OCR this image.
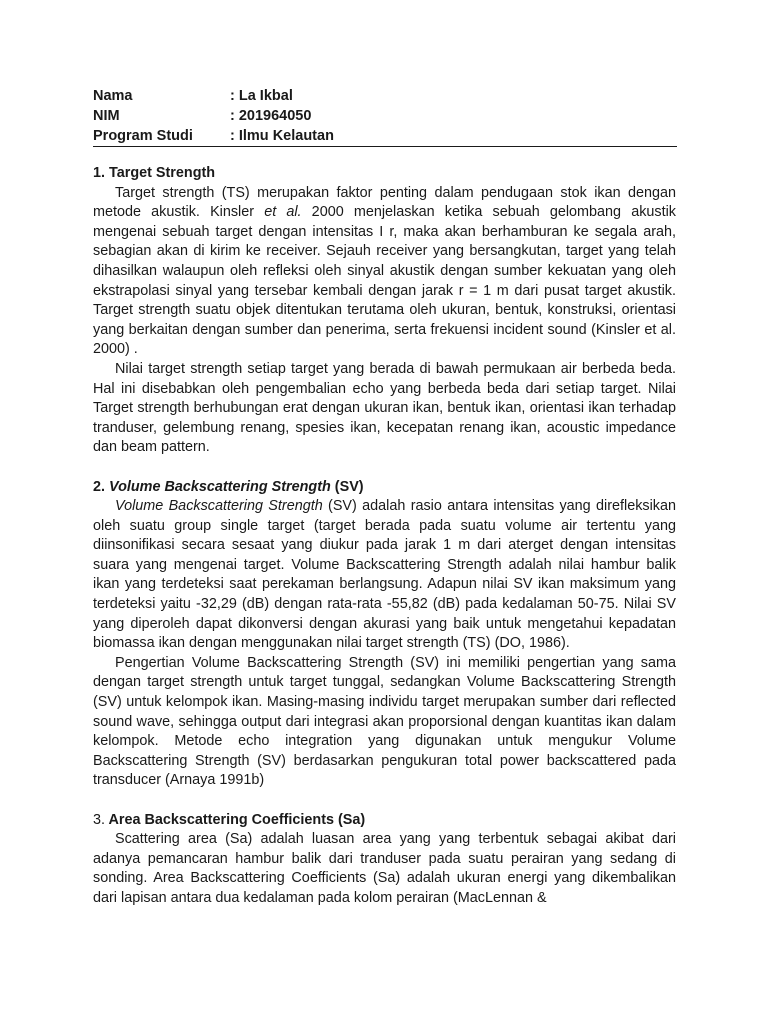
Nama	: La Ikbal
NIM	: 201964050
Program Studi	: Ilmu Kelautan
1. Target Strength

Target strength (TS) merupakan faktor penting dalam pendugaan stok ikan dengan metode akustik. Kinsler et al. 2000 menjelaskan ketika sebuah gelombang akustik mengenai sebuah target dengan intensitas I r, maka akan berhamburan ke segala arah, sebagian akan di kirim ke receiver. Sejauh receiver yang bersangkutan, target yang telah dihasilkan walaupun oleh refleksi oleh sinyal akustik dengan sumber kekuatan yang oleh ekstrapolasi sinyal yang tersebar kembali dengan jarak r = 1 m dari pusat target akustik. Target strength suatu objek ditentukan terutama oleh ukuran, bentuk, konstruksi, orientasi yang berkaitan dengan sumber dan penerima, serta frekuensi incident sound (Kinsler et al. 2000) .

Nilai target strength setiap target yang berada di bawah permukaan air berbeda beda. Hal ini disebabkan oleh pengembalian echo yang berbeda beda dari setiap target. Nilai Target strength berhubungan erat dengan ukuran ikan, bentuk ikan, orientasi ikan terhadap tranduser, gelembung renang, spesies ikan, kecepatan renang ikan, acoustic impedance dan beam pattern.

2. Volume Backscattering Strength (SV)

Volume Backscattering Strength (SV) adalah rasio antara intensitas yang direfleksikan oleh suatu group single target (target berada pada suatu volume air tertentu yang diinsonifikasi secara sesaat yang diukur pada jarak 1 m dari aterget dengan intensitas suara yang mengenai target. Volume Backscattering Strength adalah nilai hambur balik ikan yang terdeteksi saat perekaman berlangsung. Adapun nilai SV ikan maksimum yang terdeteksi yaitu -32,29 (dB) dengan rata-rata -55,82 (dB) pada kedalaman 50-75. Nilai SV yang diperoleh dapat dikonversi dengan akurasi yang baik untuk mengetahui kepadatan biomassa ikan dengan menggunakan nilai target strength (TS) (DO, 1986).

Pengertian Volume Backscattering Strength (SV) ini memiliki pengertian yang sama dengan target strength untuk target tunggal, sedangkan Volume Backscattering Strength (SV) untuk kelompok ikan. Masing-masing individu target merupakan sumber dari reflected sound wave, sehingga output dari integrasi akan proporsional dengan kuantitas ikan dalam kelompok. Metode echo integration yang digunakan untuk mengukur Volume Backscattering Strength (SV) berdasarkan pengukuran total power backscattered pada transducer (Arnaya 1991b)

3. Area Backscattering Coefficients (Sa)

Scattering area (Sa) adalah luasan area yang yang terbentuk sebagai akibat dari adanya pemancaran hambur balik dari tranduser pada suatu perairan yang sedang di sonding. Area Backscattering Coefficients (Sa) adalah ukuran energi yang dikembalikan dari lapisan antara dua kedalaman pada kolom perairan (MacLennan &
